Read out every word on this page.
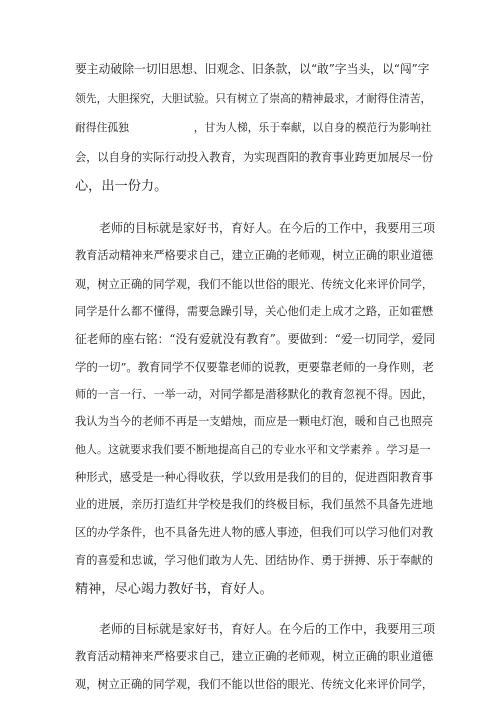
要主动破除一切旧思想、旧观念、旧条款，以“敢”字当头，以“闯”字
领先，大胆探究，大胆试验。只有树立了崇高的精神最求，才耐得住清苦，
耐得住孤独　　　　　　，甘为人梯，乐于奉献，以自身的模范行为影响社
会，以自身的实际行动投入教育，为实现酉阳的教育事业跨更加展尽一份
心，出一份力。
　　老师的目标就是家好书，育好人。在今后的工作中，我要用三项
教育活动精神来严格要求自己，建立正确的老师观，树立正确的职业道德
观，树立正确的同学观，我们不能以世俗的眼光、传统文化来评价同学，
同学是什么都不懂得，需要急躁引导，关心他们走上成才之路，正如霍懋
征老师的座右铭：“没有爱就没有教育”。要做到：“爱一切同学，爱同
学的一切”。教育同学不仅要靠老师的说教，更要靠老师的一身作则，老
师的一言一行、一举一动，对同学都是潜移默化的教育忽视不得。因此，
我认为当今的老师不再是一支蜡烛，而应是一颗电灯泡，暖和自己也照亮
他人。这就要求我们要不断地提高自己的专业水平和文学素养 。学习是一
种形式，感受是一种心得收获，学以致用是我们的目的，促进酉阳教育事
业的进展，亲历打造红井学校是我们的终极目标，我们虽然不具备先进地
区的办学条件，也不具备先进人物的感人事迹，但我们可以学习他们对教
育的喜爱和忠诚，学习他们敢为人先、团结协作、勇于拼搏、乐于奉献的
精神，尽心竭力教好书，育好人。
　　老师的目标就是家好书，育好人。在今后的工作中，我要用三项
教育活动精神来严格要求自己，建立正确的老师观，树立正确的职业道德
观，树立正确的同学观，我们不能以世俗的眼光、传统文化来评价同学，
